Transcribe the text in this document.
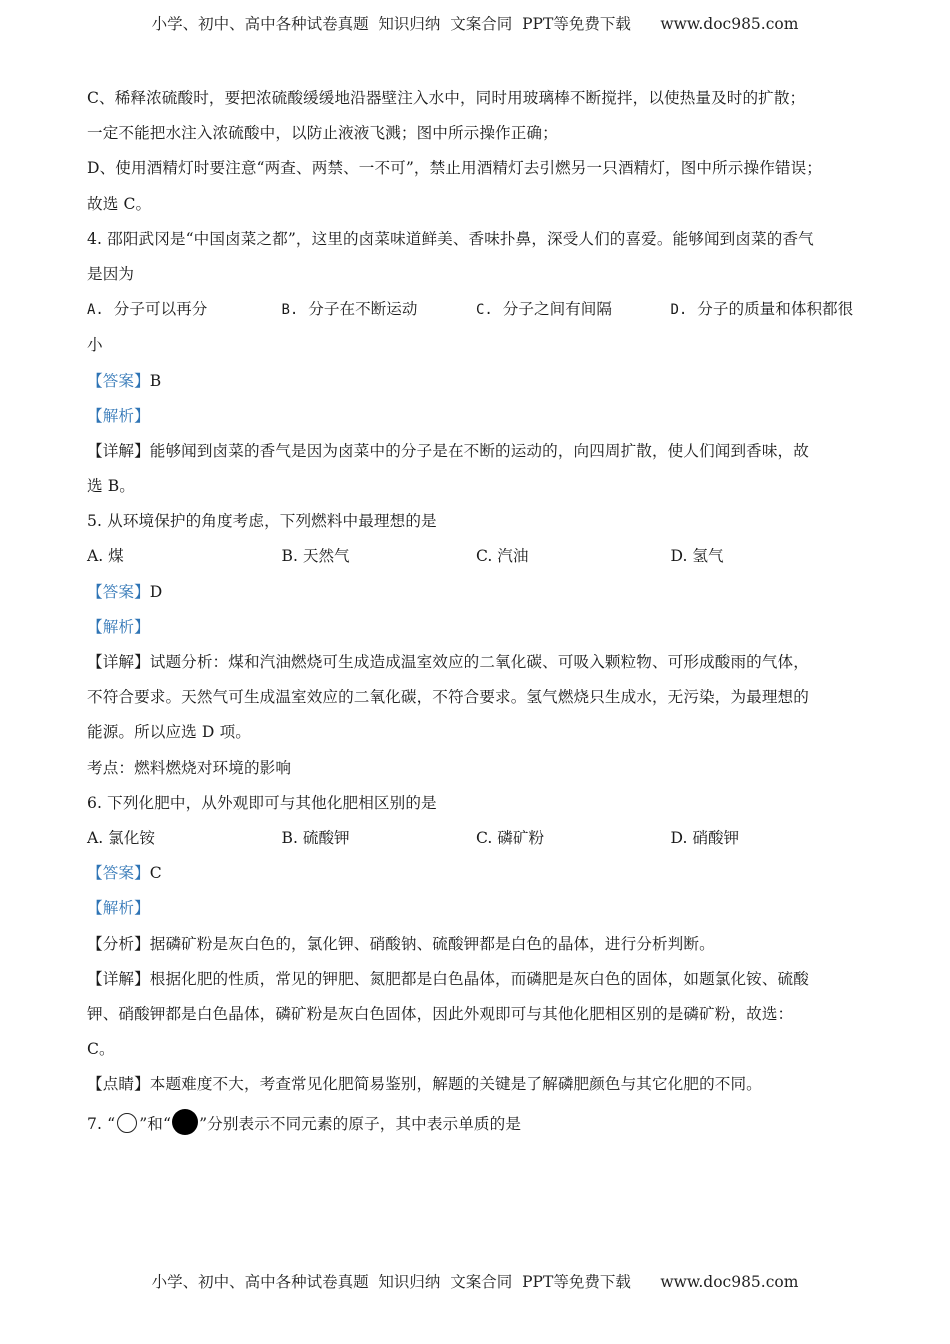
小学、初中、高中各种试卷真题  知识归纳  文案合同  PPT等免费下载      www.doc985.com
C、稀释浓硫酸时，要把浓硫酸缓缓地沿器壁注入水中，同时用玻璃棒不断搅拌，以使热量及时的扩散；
一定不能把水注入浓硫酸中，以防止液液飞溅；图中所示操作正确；
D、使用酒精灯时要注意“两查、两禁、一不可”，禁止用酒精灯去引燃另一只酒精灯，图中所示操作错误；
故选 C。
4. 邵阳武冈是“中国卤菜之都”，这里的卤菜味道鲜美、香味扑鼻，深受人们的喜爱。能够闻到卤菜的香气
是因为
A. 分子可以再分	B. 分子在不断运动	C. 分子之间有间隔	D. 分子的质量和体积都很
小
【答案】B
【解析】
【详解】能够闻到卤菜的香气是因为卤菜中的分子是在不断的运动的，向四周扩散，使人们闻到香味，故
选 B。
5. 从环境保护的角度考虑，下列燃料中最理想的是
A. 煤	B. 天然气	C. 汽油	D. 氢气
【答案】D
【解析】
【详解】试题分析：煤和汽油燃烧可生成造成温室效应的二氧化碳、可吸入颗粒物、可形成酸雨的气体，
不符合要求。天然气可生成温室效应的二氧化碳，不符合要求。氢气燃烧只生成水，无污染，为最理想的
能源。所以应选 D 项。
考点：燃料燃烧对环境的影响
6. 下列化肥中，从外观即可与其他化肥相区别的是
A. 氯化铵	B. 硫酸钾	C. 磷矿粉	D. 硝酸钾
【答案】C
【解析】
【分析】据磷矿粉是灰白色的，氯化钾、硝酸钠、硫酸钾都是白色的晶体，进行分析判断。
【详解】根据化肥的性质，常见的钾肥、氮肥都是白色晶体，而磷肥是灰白色的固体，如题氯化铵、硫酸
钾、硝酸钾都是白色晶体，磷矿粉是灰白色固体，因此外观即可与其他化肥相区别的是磷矿粉，故选：
C。
【点睛】本题难度不大，考查常见化肥简易鉴别，解题的关键是了解磷肥颜色与其它化肥的不同。
7. “ ”和“ ”分别表示不同元素的原子，其中表示单质的是
小学、初中、高中各种试卷真题  知识归纳  文案合同  PPT等免费下载      www.doc985.com
